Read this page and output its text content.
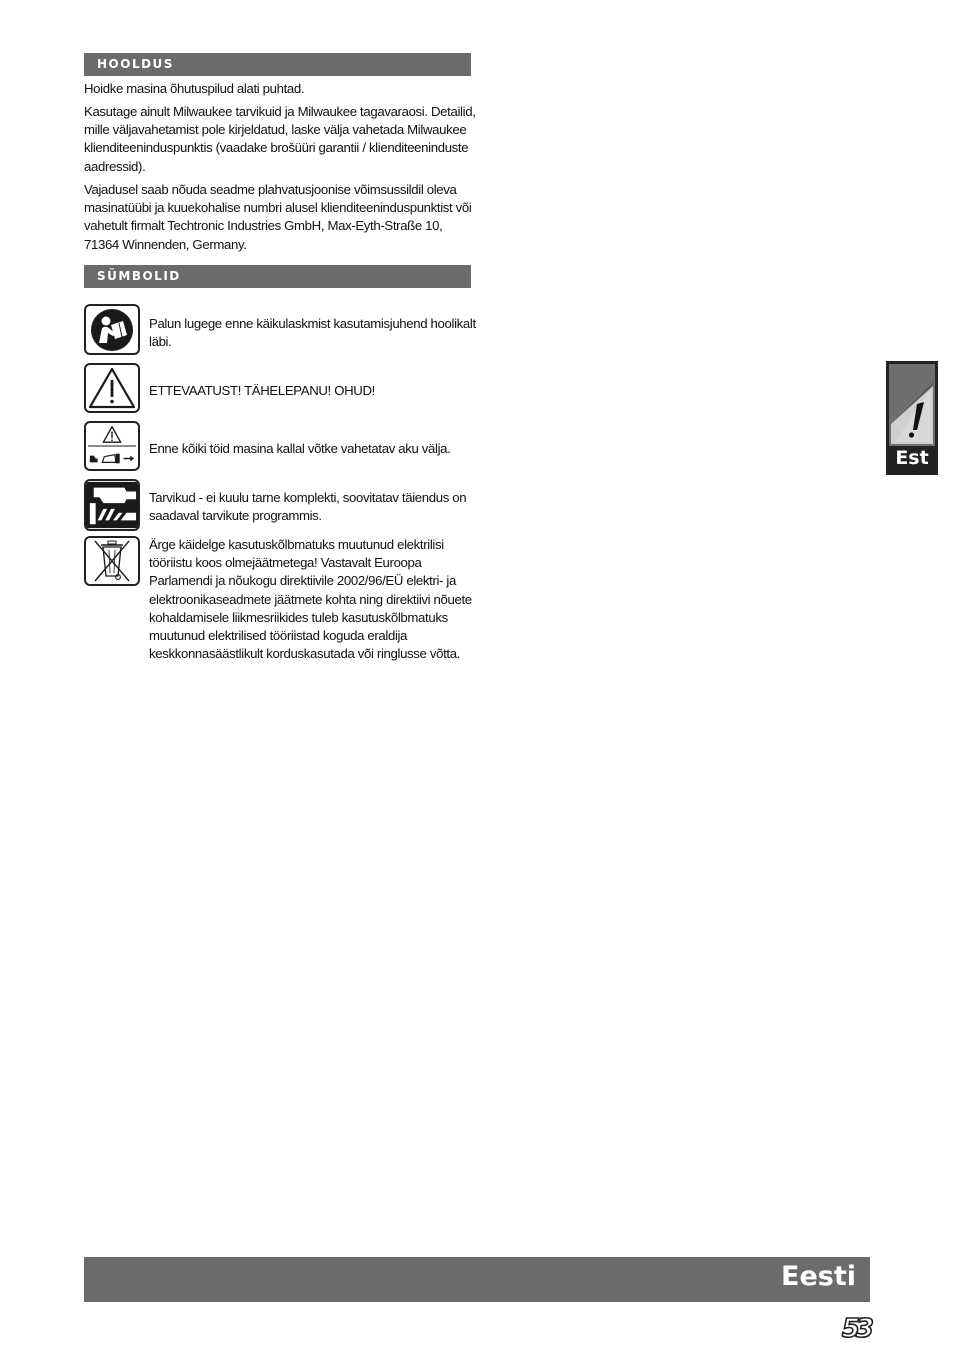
HOOLDUS
Hoidke masina õhutuspilud alati puhtad.
Kasutage ainult Milwaukee tarvikuid ja Milwaukee tagavaraosi. Detailid, mille väljavahetamist pole kirjeldatud, laske välja vahetada Milwaukee klienditeeninduspunktis (vaadake brošüüri garantii / klienditeeninduste aadressid).
Vajadusel saab nõuda seadme plahvatusjoonise võimsussildil oleva masinatüübi ja kuuekohalise numbri alusel klienditeeninduspunktist või vahetult firmalt Techtronic Industries GmbH, Max-Eyth-Straße 10, 71364 Winnenden, Germany.
SÜMBOLID
Palun lugege enne käikulaskmist kasutamisjuhend hoolikalt läbi.
ETTEVAATUST! TÄHELEPANU! OHUD!
Enne kõiki töid masina kallal võtke vahetatav aku välja.
Tarvikud - ei kuulu tarne komplekti, soovitatav täiendus on saadaval tarvikute programmis.
Ärge käidelge kasutuskõlbmatuks muutunud elektrilisi tööriistu koos olmejäätmetega! Vastavalt Euroopa Parlamendi ja nõukogu direktiivile 2002/96/EÜ elektri- ja elektroonikaseadmete jäätmete kohta ning direktiivi nõuete kohaldamisele liikmesriikides tuleb kasutuskõlbmatuks muutunud elektrilised tööriistad koguda eraldija keskkonnasäästlikult korduskasutada või ringlusse võtta.
Est
Eesti
53
